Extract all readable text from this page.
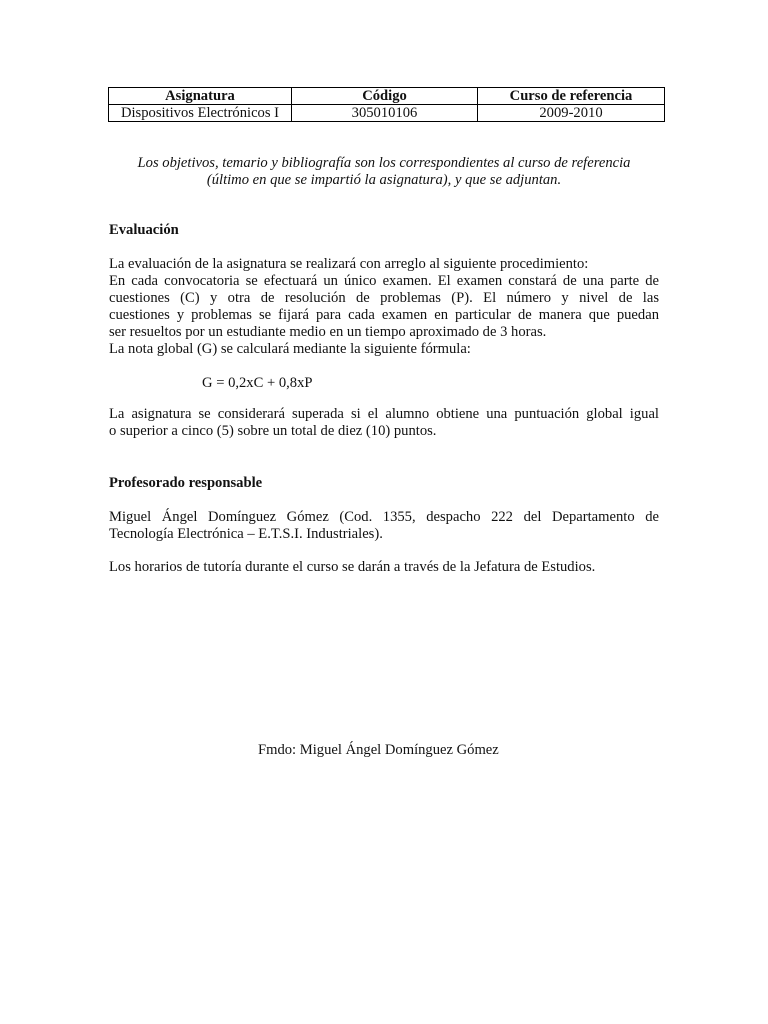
Asignatura	Código	Curso de referencia
Dispositivos Electrónicos I	305010106	2009-2010
Los objetivos, temario y bibliografía son los correspondientes al curso de referencia
(último en que se impartió la asignatura), y que se adjuntan.
Evaluación
La evaluación de la asignatura se realizará con arreglo al siguiente procedimiento:
En cada convocatoria se efectuará un único examen. El examen constará de una parte de
cuestiones (C) y otra de resolución de problemas (P). El número y nivel de las
cuestiones y problemas se fijará para cada examen en particular de manera que puedan
ser resueltos por un estudiante medio en un tiempo aproximado de 3 horas.
La nota global (G) se calculará mediante la siguiente fórmula:
G = 0,2xC + 0,8xP
La asignatura se considerará superada si el alumno obtiene una puntuación global igual
o superior a cinco (5) sobre un total de diez (10) puntos.
Profesorado responsable
Miguel Ángel Domínguez Gómez (Cod. 1355, despacho 222 del Departamento de
Tecnología Electrónica – E.T.S.I. Industriales).
Los horarios de tutoría durante el curso se darán a través de la Jefatura de Estudios.
Fmdo: Miguel Ángel Domínguez Gómez
